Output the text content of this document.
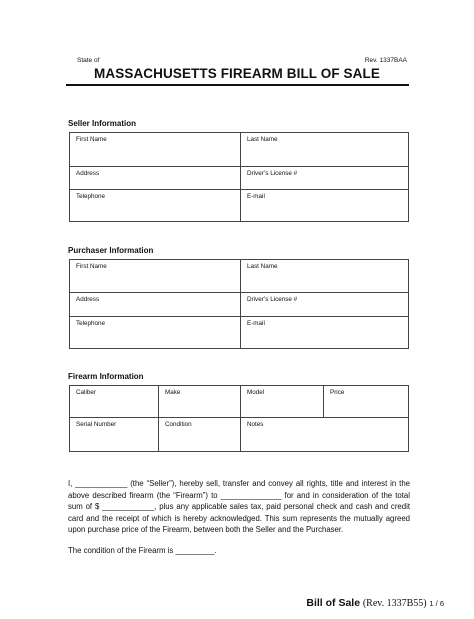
State of	Rev. 1337BAA
MASSACHUSETTS FIREARM BILL OF SALE
Seller Information
First Name	Last Name
Address	Driver’s License #
Telephone	E-mail
Purchaser Information
First Name	Last Name
Address	Driver’s License #
Telephone	E-mail
Firearm Information
Caliber	Make	Model	Price
Serial Number	Condition	Notes	
I, ____________ (the “Seller”), hereby sell, transfer and convey all rights, title and interest in the above described firearm (the “Firearm”) to ______________ for and in consideration of the total sum of $ ____________, plus any applicable sales tax, paid personal check and cash and credit card and the receipt of which is hereby acknowledged. This sum represents the mutually agreed upon purchase price of the Firearm, between both the Seller and the Purchaser.
The condition of the Firearm is _________.
Bill of Sale (Rev. 1337B55) 1 / 6
